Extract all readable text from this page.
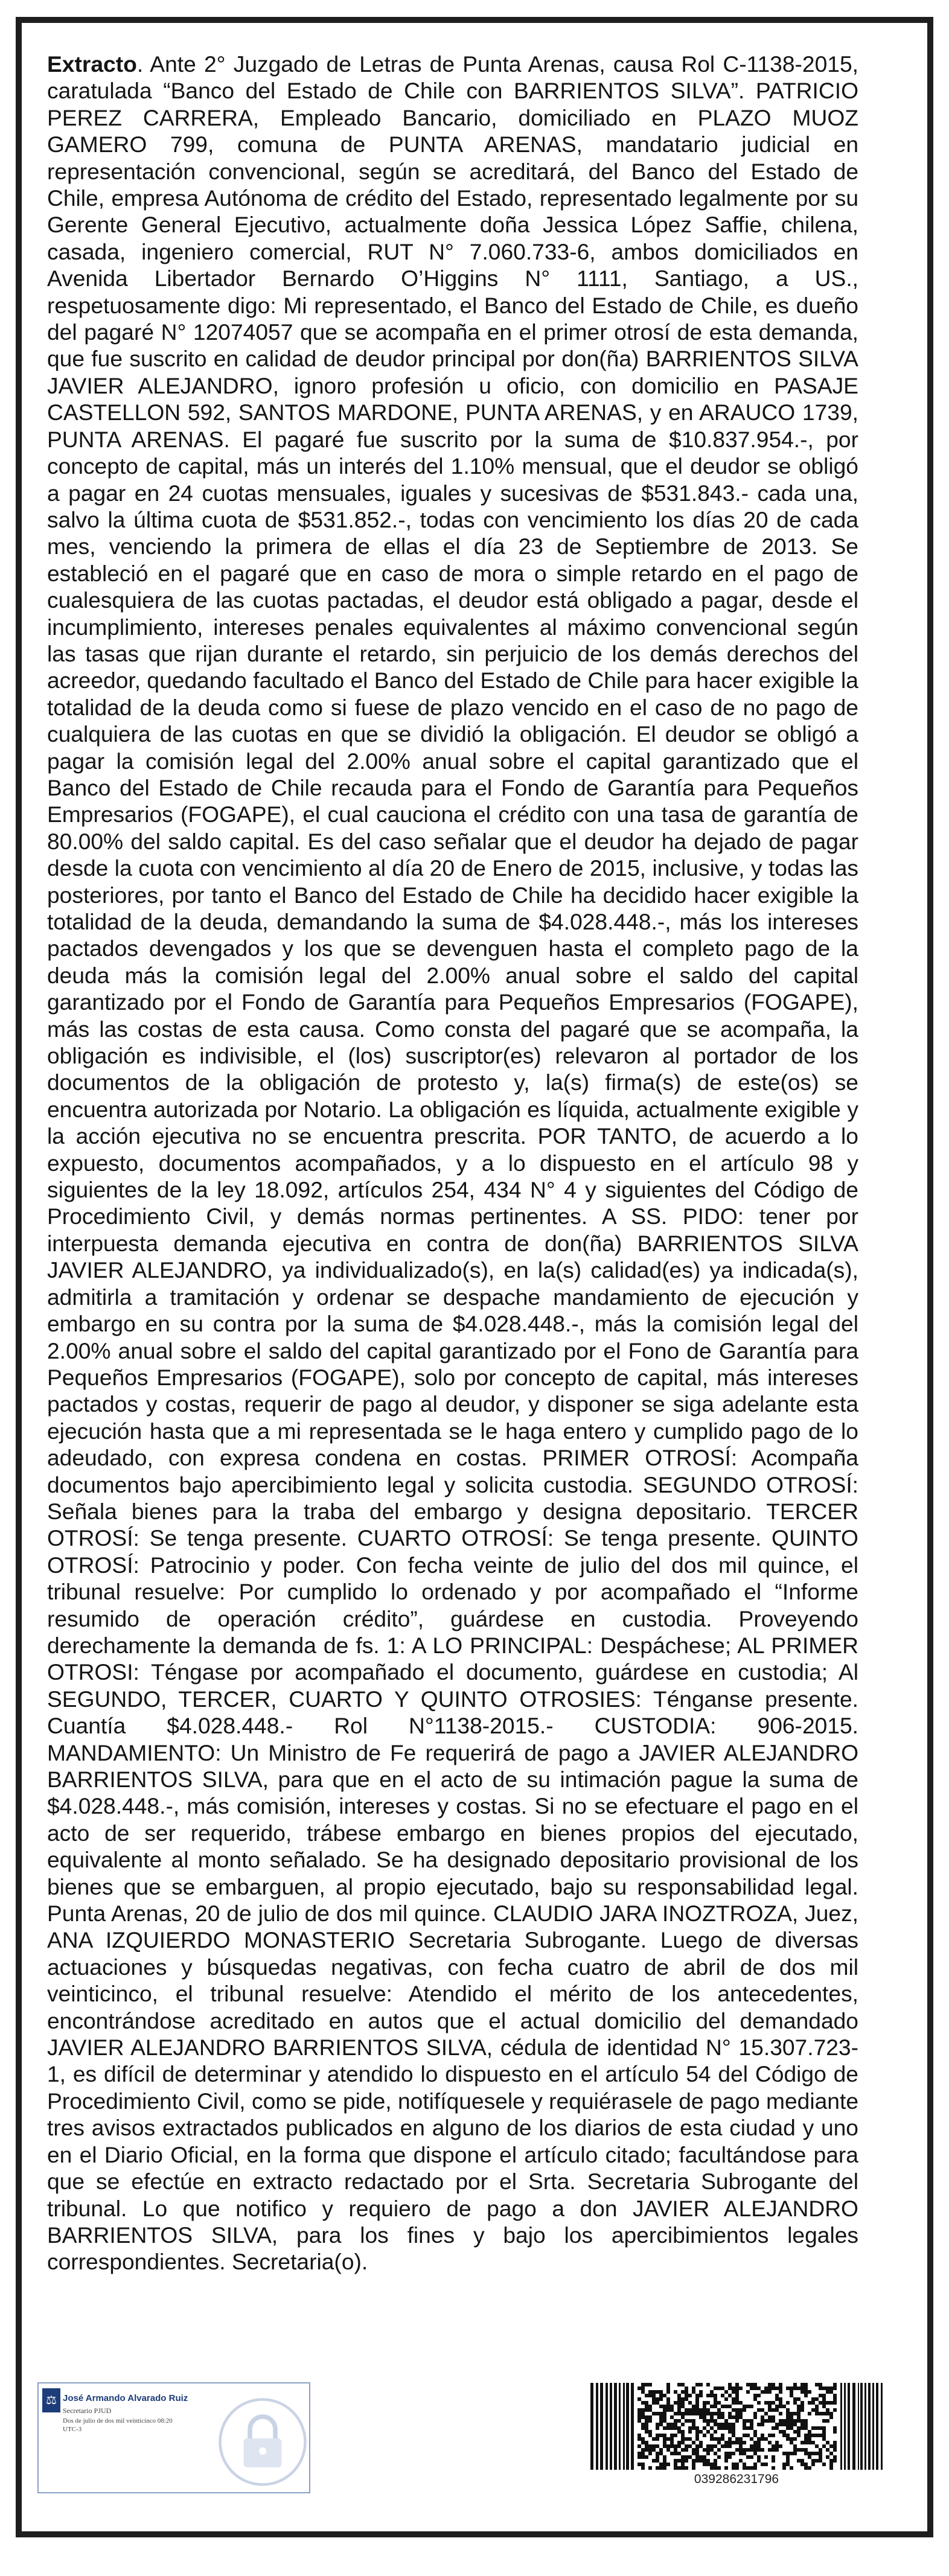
Extracto. Ante 2° Juzgado de Letras de Punta Arenas, causa Rol C-1138-2015, caratulada “Banco del Estado de Chile con BARRIENTOS SILVA”. PATRICIO PEREZ CARRERA, Empleado Bancario, domiciliado en PLAZO MUOZ GAMERO 799, comuna de PUNTA ARENAS, mandatario judicial en representación convencional, según se acreditará, del Banco del Estado de Chile, empresa Autónoma de crédito del Estado, representado legalmente por su Gerente General Ejecutivo, actualmente doña Jessica López Saffie, chilena, casada, ingeniero comercial, RUT N° 7.060.733-6, ambos domiciliados en Avenida Libertador Bernardo O’Higgins N° 1111, Santiago, a US., respetuosamente digo: Mi representado, el Banco del Estado de Chile, es dueño del pagaré N° 12074057 que se acompaña en el primer otrosí de esta demanda, que fue suscrito en calidad de deudor principal por don(ña) BARRIENTOS SILVA JAVIER ALEJANDRO, ignoro profesión u oficio, con domicilio en PASAJE CASTELLON 592, SANTOS MARDONE, PUNTA ARENAS, y en ARAUCO 1739, PUNTA ARENAS. El pagaré fue suscrito por la suma de $10.837.954.-, por concepto de capital, más un interés del 1.10% mensual, que el deudor se obligó a pagar en 24 cuotas mensuales, iguales y sucesivas de $531.843.- cada una, salvo la última cuota de $531.852.-, todas con vencimiento los días 20 de cada mes, venciendo la primera de ellas el día 23 de Septiembre de 2013. Se estableció en el pagaré que en caso de mora o simple retardo en el pago de cualesquiera de las cuotas pactadas, el deudor está obligado a pagar, desde el incumplimiento, intereses penales equivalentes al máximo convencional según las tasas que rijan durante el retardo, sin perjuicio de los demás derechos del acreedor, quedando facultado el Banco del Estado de Chile para hacer exigible la totalidad de la deuda como si fuese de plazo vencido en el caso de no pago de cualquiera de las cuotas en que se dividió la obligación. El deudor se obligó a pagar la comisión legal del 2.00% anual sobre el capital garantizado que el Banco del Estado de Chile recauda para el Fondo de Garantía para Pequeños Empresarios (FOGAPE), el cual cauciona el crédito con una tasa de garantía de 80.00% del saldo capital. Es del caso señalar que el deudor ha dejado de pagar desde la cuota con vencimiento al día 20 de Enero de 2015, inclusive, y todas las posteriores, por tanto el Banco del Estado de Chile ha decidido hacer exigible la totalidad de la deuda, demandando la suma de $4.028.448.-, más los intereses pactados devengados y los que se devenguen hasta el completo pago de la deuda más la comisión legal del 2.00% anual sobre el saldo del capital garantizado por el Fondo de Garantía para Pequeños Empresarios (FOGAPE), más las costas de esta causa. Como consta del pagaré que se acompaña, la obligación es indivisible, el (los) suscriptor(es) relevaron al portador de los documentos de la obligación de protesto y, la(s) firma(s) de este(os) se encuentra autorizada por Notario. La obligación es líquida, actualmente exigible y la acción ejecutiva no se encuentra prescrita. POR TANTO, de acuerdo a lo expuesto, documentos acompañados, y a lo dispuesto en el artículo 98 y siguientes de la ley 18.092, artículos 254, 434 N° 4 y siguientes del Código de Procedimiento Civil, y demás normas pertinentes. A SS. PIDO: tener por interpuesta demanda ejecutiva en contra de don(ña) BARRIENTOS SILVA JAVIER ALEJANDRO, ya individualizado(s), en la(s) calidad(es) ya indicada(s), admitirla a tramitación y ordenar se despache mandamiento de ejecución y embargo en su contra por la suma de $4.028.448.-, más la comisión legal del 2.00% anual sobre el saldo del capital garantizado por el Fono de Garantía para Pequeños Empresarios (FOGAPE), solo por concepto de capital, más intereses pactados y costas, requerir de pago al deudor, y disponer se siga adelante esta ejecución hasta que a mi representada se le haga entero y cumplido pago de lo adeudado, con expresa condena en costas. PRIMER OTROSÍ: Acompaña documentos bajo apercibimiento legal y solicita custodia. SEGUNDO OTROSÍ: Señala bienes para la traba del embargo y designa depositario. TERCER OTROSÍ: Se tenga presente. CUARTO OTROSÍ: Se tenga presente. QUINTO OTROSÍ: Patrocinio y poder. Con fecha veinte de julio del dos mil quince, el tribunal resuelve: Por cumplido lo ordenado y por acompañado el “Informe resumido de operación crédito”, guárdese en custodia. Proveyendo derechamente la demanda de fs. 1: A LO PRINCIPAL: Despáchese; AL PRIMER OTROSI: Téngase por acompañado el documento, guárdese en custodia; Al SEGUNDO, TERCER, CUARTO Y QUINTO OTROSIES: Ténganse presente. Cuantía $4.028.448.- Rol N°1138-2015.- CUSTODIA: 906-2015. MANDAMIENTO: Un Ministro de Fe requerirá de pago a JAVIER ALEJANDRO BARRIENTOS SILVA, para que en el acto de su intimación pague la suma de $4.028.448.-, más comisión, intereses y costas. Si no se efectuare el pago en el acto de ser requerido, trábese embargo en bienes propios del ejecutado, equivalente al monto señalado. Se ha designado depositario provisional de los bienes que se embarguen, al propio ejecutado, bajo su responsabilidad legal. Punta Arenas, 20 de julio de dos mil quince. CLAUDIO JARA INOZTROZA, Juez, ANA IZQUIERDO MONASTERIO Secretaria Subrogante. Luego de diversas actuaciones y búsquedas negativas, con fecha cuatro de abril de dos mil veinticinco, el tribunal resuelve: Atendido el mérito de los antecedentes, encontrándose acreditado en autos que el actual domicilio del demandado JAVIER ALEJANDRO BARRIENTOS SILVA, cédula de identidad N° 15.307.723-1, es difícil de determinar y atendido lo dispuesto en el artículo 54 del Código de Procedimiento Civil, como se pide, notifíquesele y requiérasele de pago mediante tres avisos extractados publicados en alguno de los diarios de esta ciudad y uno en el Diario Oficial, en la forma que dispone el artículo citado; facultándose para que se efectúe en extracto redactado por el Srta. Secretaria Subrogante del tribunal. Lo que notifico y requiero de pago a don JAVIER ALEJANDRO BARRIENTOS SILVA, para los fines y bajo los apercibimientos legales correspondientes. Secretaria(o).

⚖ José Armando Alvarado Ruiz
Secretario PJUD
Dos de julio de dos mil veinticinco 08:20 UTC-3
039286231796
